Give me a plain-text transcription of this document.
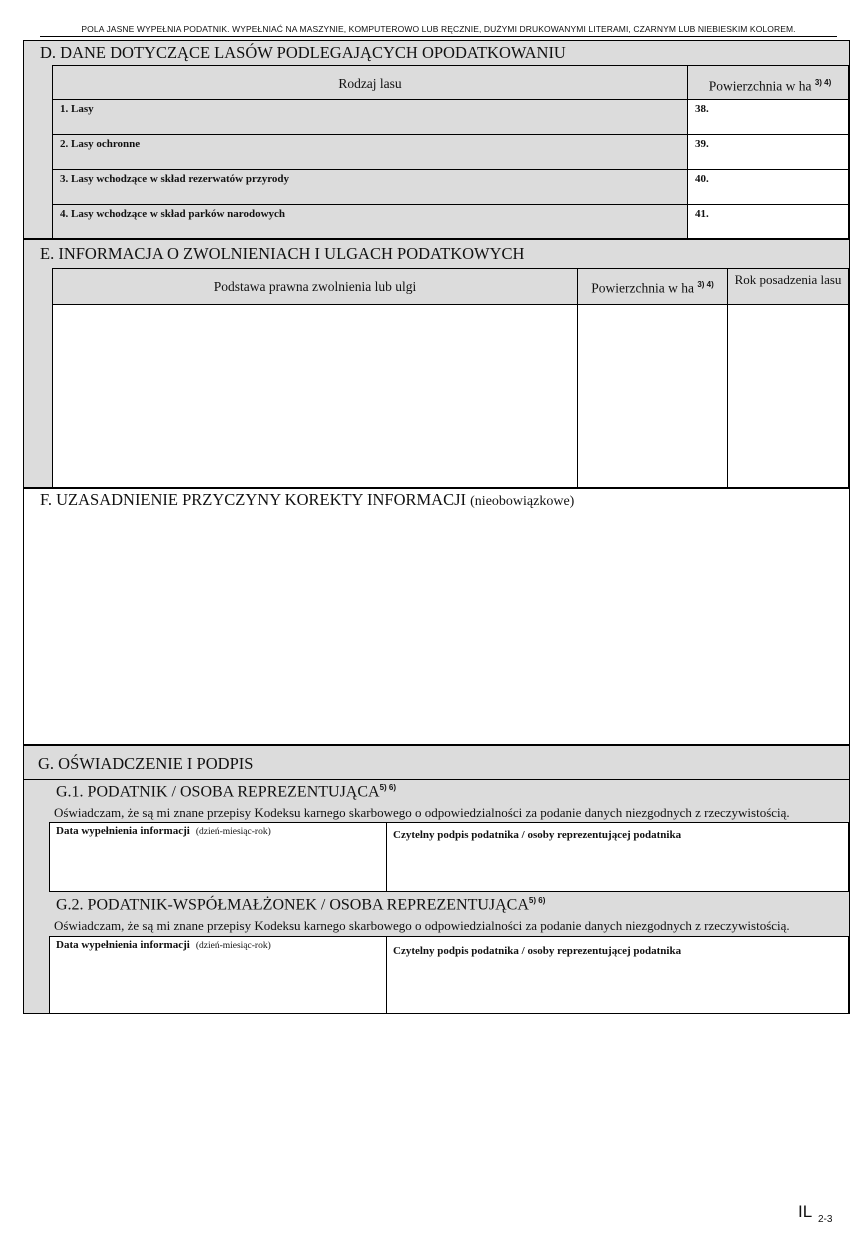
POLA JASNE WYPEŁNIA PODATNIK. WYPEŁNIAĆ NA MASZYNIE, KOMPUTEROWO LUB RĘCZNIE, DUŻYMI DRUKOWANYMI LITERAMI, CZARNYM LUB NIEBIESKIM KOLOREM.
D. DANE DOTYCZĄCE LASÓW PODLEGAJĄCYCH OPODATKOWANIU
Rodzaj lasu	Powierzchnia w ha $^{3) 4)}$
1. Lasy	38.
2. Lasy ochronne	39.
3. Lasy wchodzące w skład rezerwatów przyrody	40.
4. Lasy wchodzące w skład parków narodowych	41.
E. INFORMACJA O ZWOLNIENIACH I ULGACH PODATKOWYCH
Podstawa prawna zwolnienia lub ulgi	Powierzchnia w ha $^{3) 4)}$	Rok posadzenia lasu
F. UZASADNIENIE PRZYCZYNY KOREKTY INFORMACJI (nieobowiązkowe)
G. OŚWIADCZENIE I PODPIS
G.1. PODATNIK / OSOBA $REPREZENTUJĄCA^{5) 6)}$
Oświadczam, że są mi znane przepisy Kodeksu karnego skarbowego o odpowiedzialności za podanie danych niezgodnych z rzeczywistością.
Data wypełnienia informacji (dzień-miesiąc-rok)	Czytelny podpis podatnika / osoby reprezentującej podatnika
G.2. PODATNIK-WSPÓŁMAŁŻONEK / OSOBA $REPREZENTUJĄCA^{5) 6)}$
Oświadczam, że są mi znane przepisy Kodeksu karnego skarbowego o odpowiedzialności za podanie danych niezgodnych z rzeczywistością.
Data wypełnienia informacji (dzień-miesiąc-rok)	Czytelny podpis podatnika / osoby reprezentującej podatnika
IL 2-3
